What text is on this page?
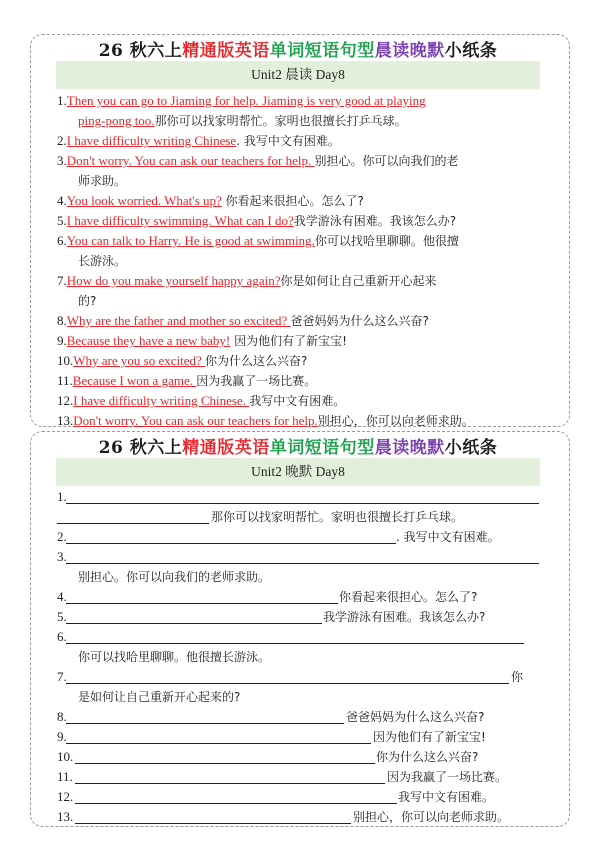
26 秋六上精通版英语单词短语句型晨读晚默小纸条
Unit2 晨读 Day8
1.Then you can go to Jiaming for help. Jiaming is very good at playing
ping-pong too.那你可以找家明帮忙。家明也很擅长打乒乓球。
2.I have difficulty writing Chinese. 我写中文有困难。
3.Don't worry. You can ask our teachers for help. 别担心。你可以向我们的老
师求助。
4.You look worried. What's up? 你看起来很担心。怎么了?
5.I have difficulty swimming. What can I do?我学游泳有困难。我该怎么办?
6.You can talk to Harry. He is good at swimming.你可以找哈里聊聊。他很擅
长游泳。
7.How do you make yourself happy again?你是如何让自己重新开心起来
的?
8.Why are the father and mother so excited? 爸爸妈妈为什么这么兴奋?
9.Because they have a new baby! 因为他们有了新宝宝!
10.Why are you so excited? 你为什么这么兴奋?
11.Because I won a game. 因为我赢了一场比赛。
12.I have difficulty writing Chinese. 我写中文有困难。
13.Don't worry. You can ask our teachers for help.别担心，你可以向老师求助。
26 秋六上精通版英语单词短语句型晨读晚默小纸条
Unit2 晚默 Day8
1.
那你可以找家明帮忙。家明也很擅长打乒乓球。
2.	. 我写中文有困难。
3.
别担心。你可以向我们的老师求助。
4.	你看起来很担心。怎么了?
5.	我学游泳有困难。我该怎么办?
6.
你可以找哈里聊聊。他很擅长游泳。
7.	你
是如何让自己重新开心起来的?
8.	爸爸妈妈为什么这么兴奋?
9.	因为他们有了新宝宝!
10.	你为什么这么兴奋?
11.	因为我赢了一场比赛。
12.	我写中文有困难。
13.	别担心，你可以向老师求助。
